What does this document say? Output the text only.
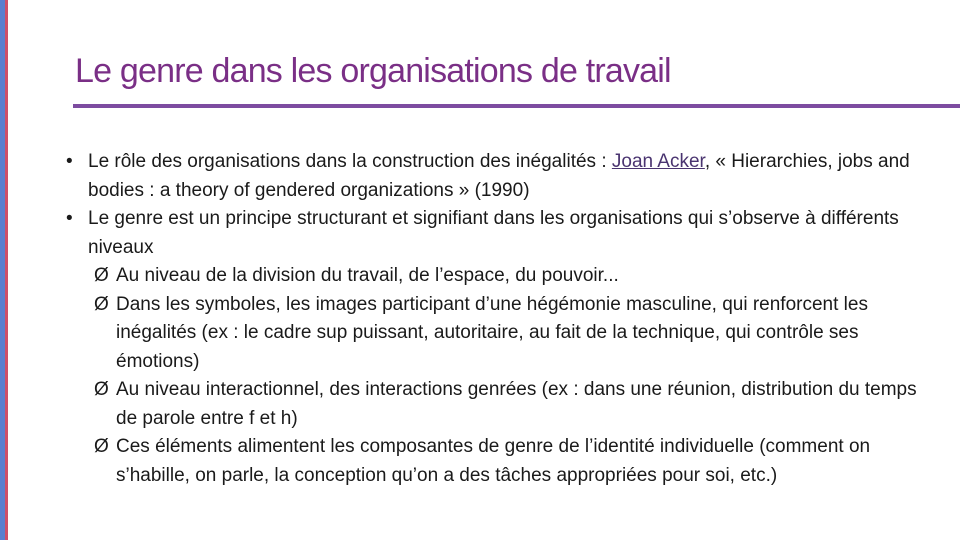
Le genre dans les organisations de travail
• Le rôle des organisations dans la construction des inégalités : Joan Acker, « Hierarchies, jobs and bodies : a theory of gendered organizations » (1990)
• Le genre est un principe structurant et signifiant dans les organisations qui s’observe à différents niveaux
Ø Au niveau de la division du travail, de l’espace, du pouvoir...
Ø Dans les symboles, les images participant d’une hégémonie masculine, qui renforcent les inégalités (ex : le cadre sup puissant, autoritaire, au fait de la technique, qui contrôle ses émotions)
Ø Au niveau interactionnel, des interactions genrées (ex : dans une réunion, distribution du temps de parole entre f et h)
Ø Ces éléments alimentent les composantes de genre de l’identité individuelle (comment on s’habille, on parle, la conception qu’on a des tâches appropriées pour soi, etc.)
